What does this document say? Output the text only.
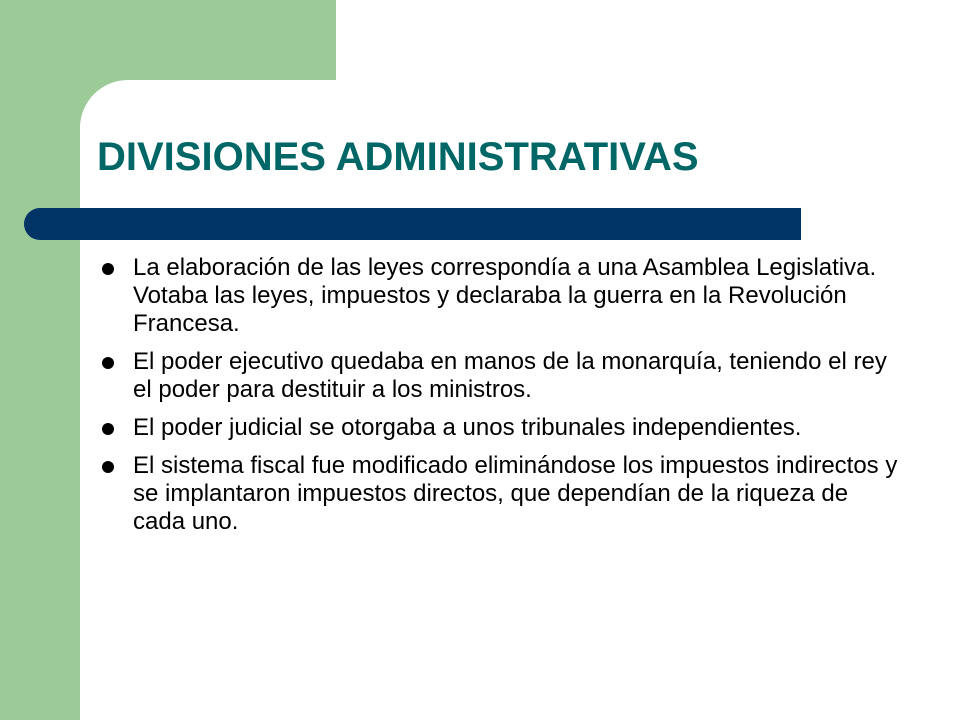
DIVISIONES ADMINISTRATIVAS
La elaboración de las leyes correspondía a una Asamblea Legislativa. Votaba las leyes, impuestos y declaraba la guerra en la Revolución Francesa.
El poder ejecutivo quedaba en manos de la monarquía, teniendo el rey el poder para destituir a los ministros.
El poder judicial se otorgaba a unos tribunales independientes.
El sistema fiscal fue modificado eliminándose los impuestos indirectos y se implantaron impuestos directos, que dependían de la riqueza de cada uno.
